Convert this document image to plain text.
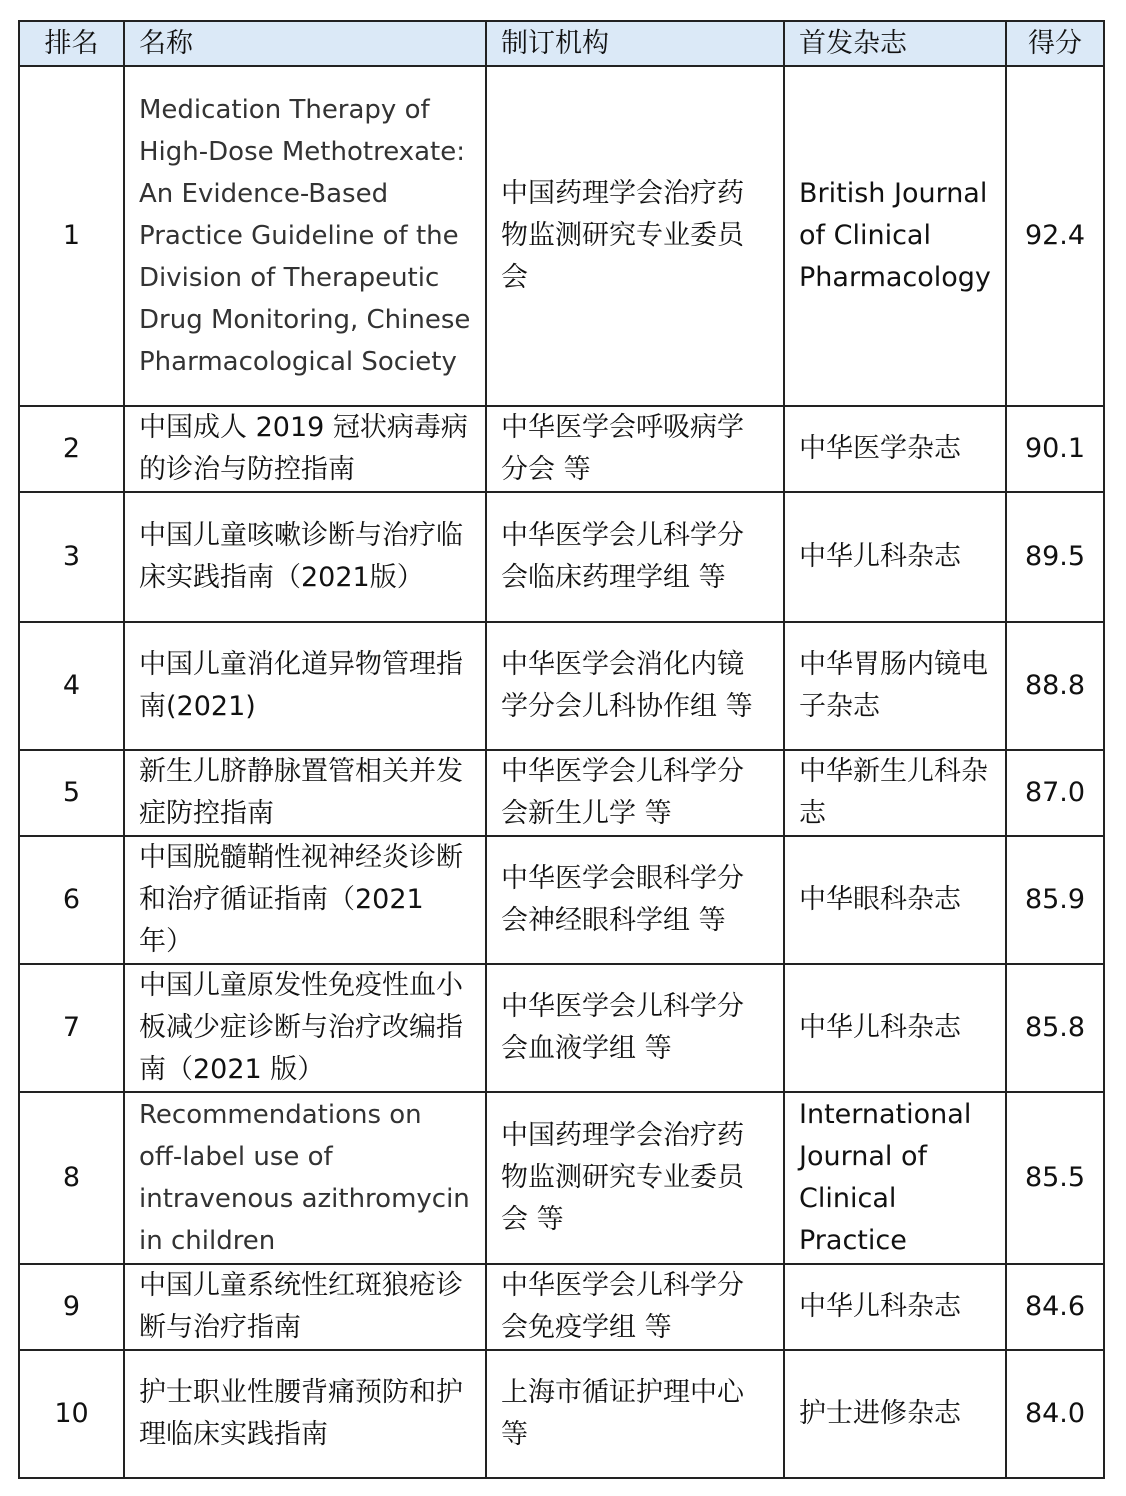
排名	名称	制订机构	首发杂志	得分
1	Medication Therapy of High-Dose Methotrexate: An Evidence-Based Practice Guideline of the Division of Therapeutic Drug Monitoring, Chinese Pharmacological Society	中国药理学会治疗药物监测研究专业委员会	British Journal of Clinical Pharmacology	92.4
2	中国成人 2019 冠状病毒病的诊治与防控指南	中华医学会呼吸病学分会 等	中华医学杂志	90.1
3	中国儿童咳嗽诊断与治疗临床实践指南（2021版）	中华医学会儿科学分会临床药理学组 等	中华儿科杂志	89.5
4	中国儿童消化道异物管理指南(2021)	中华医学会消化内镜学分会儿科协作组 等	中华胃肠内镜电子杂志	88.8
5	新生儿脐静脉置管相关并发症防控指南	中华医学会儿科学分会新生儿学 等	中华新生儿科杂志	87.0
6	中国脱髓鞘性视神经炎诊断和治疗循证指南（2021 年）	中华医学会眼科学分会神经眼科学组 等	中华眼科杂志	85.9
7	中国儿童原发性免疫性血小板减少症诊断与治疗改编指南（2021 版）	中华医学会儿科学分会血液学组 等	中华儿科杂志	85.8
8	Recommendations on off-label use of intravenous azithromycin in children	中国药理学会治疗药物监测研究专业委员会 等	International Journal of Clinical Practice	85.5
9	中国儿童系统性红斑狼疮诊断与治疗指南	中华医学会儿科学分会免疫学组 等	中华儿科杂志	84.6
10	护士职业性腰背痛预防和护理临床实践指南	上海市循证护理中心 等	护士进修杂志	84.0
